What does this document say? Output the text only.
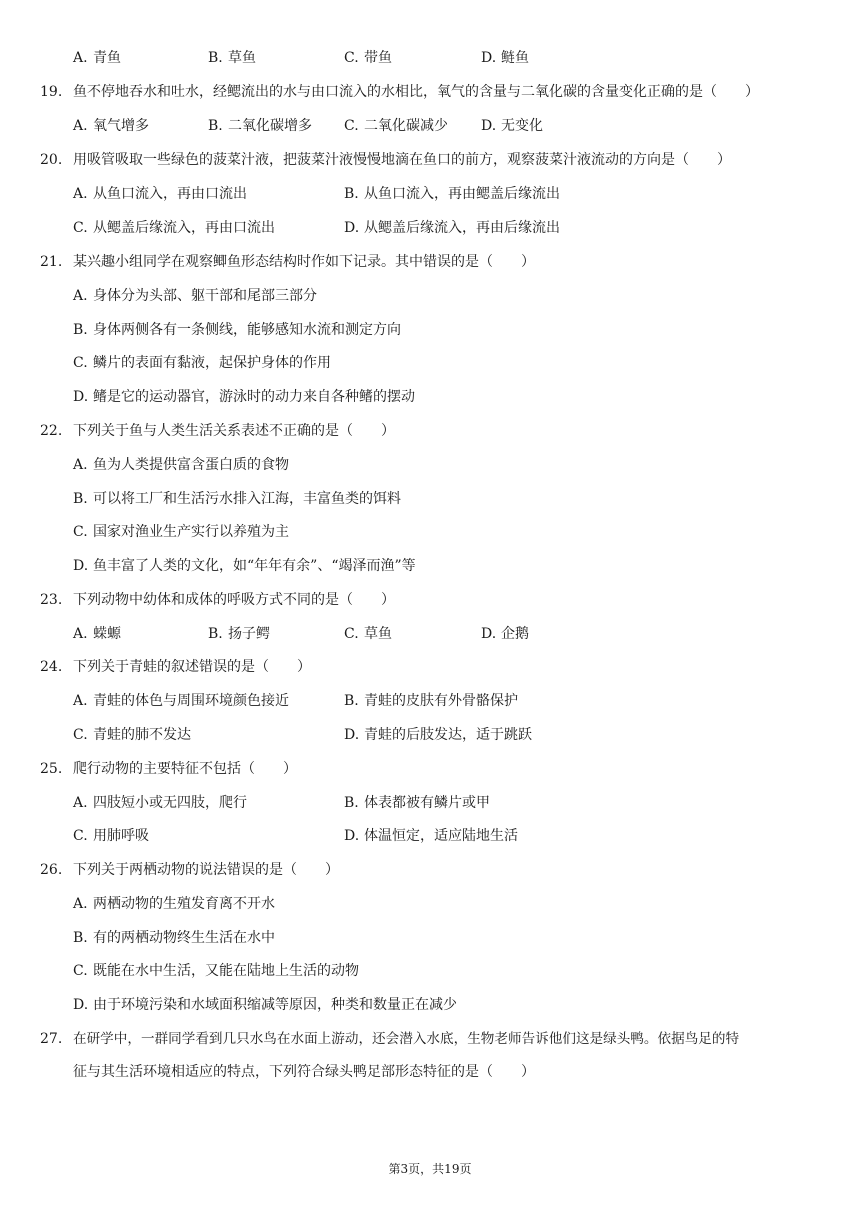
A. 青鱼	B. 草鱼	C. 带鱼	D. 鲢鱼
19. 鱼不停地吞水和吐水，经鳃流出的水与由口流入的水相比，氧气的含量与二氧化碳的含量变化正确的是（　　）
A. 氧气增多	B. 二氧化碳增多 C. 二氧化碳减少 D. 无变化
20. 用吸管吸取一些绿色的菠菜汁液，把菠菜汁液慢慢地滴在鱼口的前方，观察菠菜汁液流动的方向是（　　）
A. 从鱼口流入，再由口流出	B. 从鱼口流入，再由鳃盖后缘流出
C. 从鳃盖后缘流入，再由口流出	D. 从鳃盖后缘流入，再由后缘流出
21. 某兴趣小组同学在观察鲫鱼形态结构时作如下记录。其中错误的是（　　）
A. 身体分为头部、躯干部和尾部三部分
B. 身体两侧各有一条侧线，能够感知水流和测定方向
C. 鳞片的表面有黏液，起保护身体的作用
D. 鳍是它的运动器官，游泳时的动力来自各种鳍的摆动
22. 下列关于鱼与人类生活关系表述不正确的是（　　）
A. 鱼为人类提供富含蛋白质的食物
B. 可以将工厂和生活污水排入江海，丰富鱼类的饵料
C. 国家对渔业生产实行以养殖为主
D. 鱼丰富了人类的文化，如“年年有余”、“竭泽而渔”等
23. 下列动物中幼体和成体的呼吸方式不同的是（　　）
A. 蝾螈	B. 扬子鳄	C. 草鱼	D. 企鹅
24. 下列关于青蛙的叙述错误的是（　　）
A. 青蛙的体色与周围环境颜色接近	B. 青蛙的皮肤有外骨骼保护
C. 青蛙的肺不发达	D. 青蛙的后肢发达，适于跳跃
25. 爬行动物的主要特征不包括（　　）
A. 四肢短小或无四肢，爬行	B. 体表都被有鳞片或甲
C. 用肺呼吸	D. 体温恒定，适应陆地生活
26. 下列关于两栖动物的说法错误的是（　　）
A. 两栖动物的生殖发育离不开水
B. 有的两栖动物终生生活在水中
C. 既能在水中生活，又能在陆地上生活的动物
D. 由于环境污染和水域面积缩减等原因，种类和数量正在减少
27. 在研学中，一群同学看到几只水鸟在水面上游动，还会潜入水底，生物老师告诉他们这是绿头鸭。依据鸟足的特
征与其生活环境相适应的特点，下列符合绿头鸭足部形态特征的是（　　）
第3页，共19页
